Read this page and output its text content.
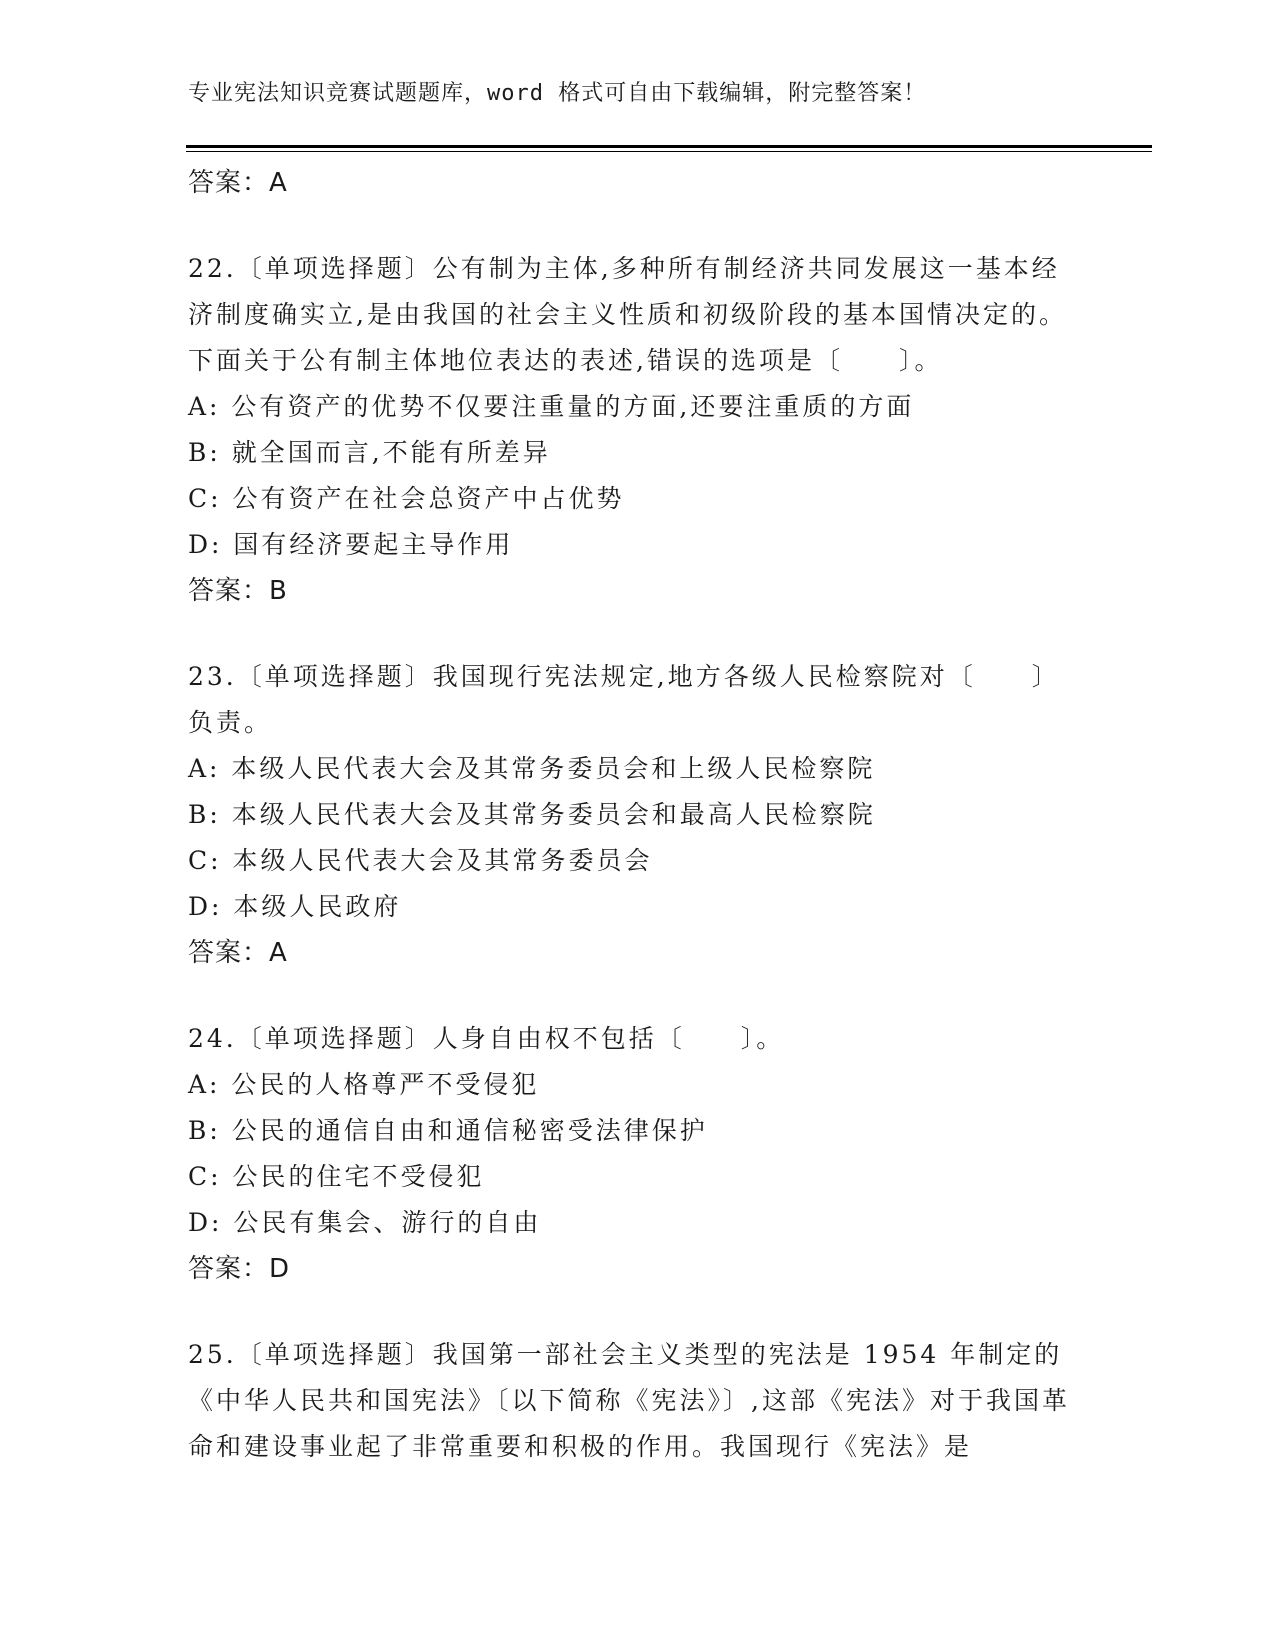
专业宪法知识竞赛试题题库，word 格式可自由下载编辑，附完整答案！
答案：A
22.〔单项选择题〕公有制为主体,多种所有制经济共同发展这一基本经济制度确实立,是由我国的社会主义性质和初级阶段的基本国情决定的。下面关于公有制主体地位表达的表述,错误的选项是〔　　〕。
A: 公有资产的优势不仅要注重量的方面,还要注重质的方面
B: 就全国而言,不能有所差异
C: 公有资产在社会总资产中占优势
D: 国有经济要起主导作用
答案：B
23.〔单项选择题〕我国现行宪法规定,地方各级人民检察院对〔　　〕负责。
A: 本级人民代表大会及其常务委员会和上级人民检察院
B: 本级人民代表大会及其常务委员会和最高人民检察院
C: 本级人民代表大会及其常务委员会
D: 本级人民政府
答案：A
24.〔单项选择题〕人身自由权不包括〔　　〕。
A: 公民的人格尊严不受侵犯
B: 公民的通信自由和通信秘密受法律保护
C: 公民的住宅不受侵犯
D: 公民有集会、游行的自由
答案：D
25.〔单项选择题〕我国第一部社会主义类型的宪法是 1954 年制定的《中华人民共和国宪法》〔以下简称《宪法》〕,这部《宪法》对于我国革命和建设事业起了非常重要和积极的作用。我国现行《宪法》是
